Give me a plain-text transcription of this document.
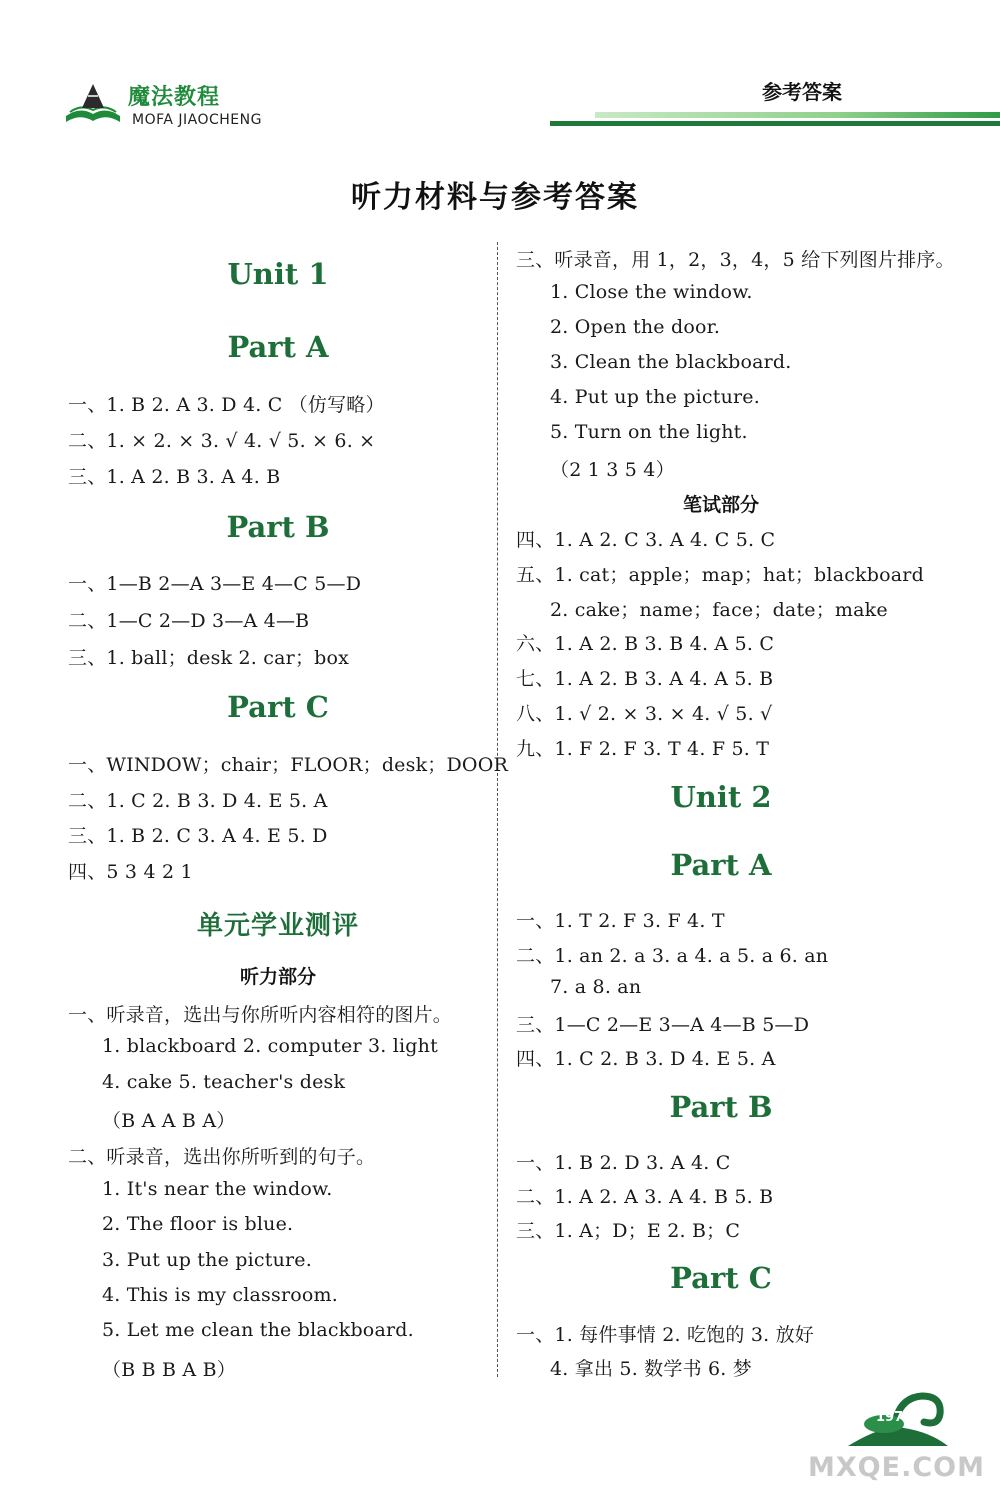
魔法教程
MOFA JIAOCHENG
参考答案
听力材料与参考答案
Unit 1
Part A
一、1. B 2. A 3. D 4. C （仿写略）
二、1. × 2. × 3. √ 4. √ 5. × 6. ×
三、1. A 2. B 3. A 4. B
Part B
一、1—B 2—A 3—E 4—C 5—D
二、1—C 2—D 3—A 4—B
三、1. ball；desk 2. car；box
Part C
一、WINDOW；chair；FLOOR；desk；DOOR
二、1. C 2. B 3. D 4. E 5. A
三、1. B 2. C 3. A 4. E 5. D
四、5 3 4 2 1
单元学业测评
听力部分
一、听录音，选出与你所听内容相符的图片。
1. blackboard 2. computer 3. light
4. cake 5. teacher's desk
（B A A B A）
二、听录音，选出你所听到的句子。
1. It's near the window.
2. The floor is blue.
3. Put up the picture.
4. This is my classroom.
5. Let me clean the blackboard.
（B B B A B）
三、听录音，用 1，2，3，4，5 给下列图片排序。
1. Close the window.
2. Open the door.
3. Clean the blackboard.
4. Put up the picture.
5. Turn on the light.
（2 1 3 5 4）
笔试部分
四、1. A 2. C 3. A 4. C 5. C
五、1. cat；apple；map；hat；blackboard
2. cake；name；face；date；make
六、1. A 2. B 3. B 4. A 5. C
七、1. A 2. B 3. A 4. A 5. B
八、1. √ 2. × 3. × 4. √ 5. √
九、1. F 2. F 3. T 4. F 5. T
Unit 2
Part A
一、1. T 2. F 3. F 4. T
二、1. an 2. a 3. a 4. a 5. a 6. an
7. a 8. an
三、1—C 2—E 3—A 4—B 5—D
四、1. C 2. B 3. D 4. E 5. A
Part B
一、1. B 2. D 3. A 4. C
二、1. A 2. A 3. A 4. B 5. B
三、1. A；D；E 2. B；C
Part C
一、1. 每件事情 2. 吃饱的 3. 放好
4. 拿出 5. 数学书 6. 梦
197
MXQE.COM
